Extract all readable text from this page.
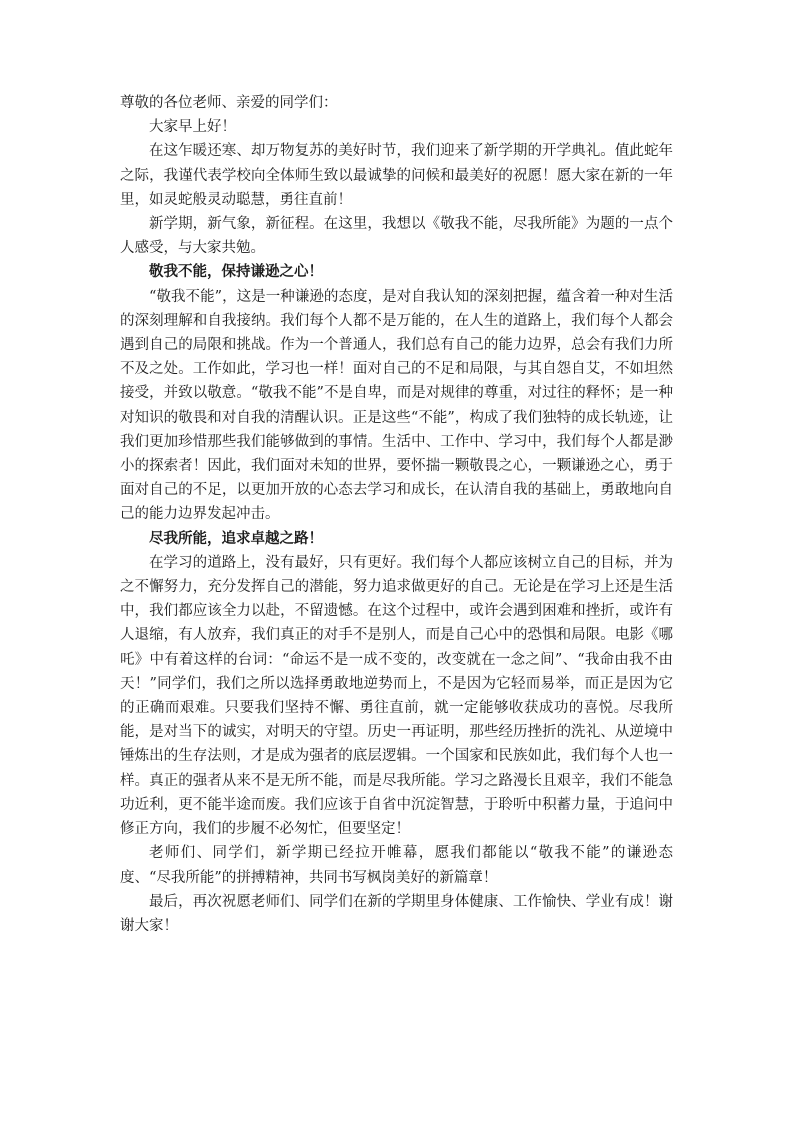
尊敬的各位老师、亲爱的同学们：

大家早上好！

在这乍暖还寒、却万物复苏的美好时节，我们迎来了新学期的开学典礼。值此蛇年之际，我谨代表学校向全体师生致以最诚挚的问候和最美好的祝愿！愿大家在新的一年里，如灵蛇般灵动聪慧，勇往直前！

新学期，新气象，新征程。在这里，我想以《敬我不能，尽我所能》为题的一点个人感受，与大家共勉。

敬我不能，保持谦逊之心！

“敬我不能”，这是一种谦逊的态度，是对自我认知的深刻把握，蕴含着一种对生活的深刻理解和自我接纳。我们每个人都不是万能的，在人生的道路上，我们每个人都会遇到自己的局限和挑战。作为一个普通人，我们总有自己的能力边界，总会有我们力所不及之处。工作如此，学习也一样！面对自己的不足和局限，与其自怨自艾，不如坦然接受，并致以敬意。“敬我不能”不是自卑，而是对规律的尊重，对过往的释怀；是一种对知识的敬畏和对自我的清醒认识。正是这些“不能”，构成了我们独特的成长轨迹，让我们更加珍惜那些我们能够做到的事情。生活中、工作中、学习中，我们每个人都是渺小的探索者！因此，我们面对未知的世界，要怀揣一颗敬畏之心，一颗谦逊之心，勇于面对自己的不足，以更加开放的心态去学习和成长，在认清自我的基础上，勇敢地向自己的能力边界发起冲击。

尽我所能，追求卓越之路！

在学习的道路上，没有最好，只有更好。我们每个人都应该树立自己的目标，并为之不懈努力，充分发挥自己的潜能，努力追求做更好的自己。无论是在学习上还是生活中，我们都应该全力以赴，不留遗憾。在这个过程中，或许会遇到困难和挫折，或许有人退缩，有人放弃，我们真正的对手不是别人，而是自己心中的恐惧和局限。电影《哪吒》中有着这样的台词：“命运不是一成不变的，改变就在一念之间”、“我命由我不由天！”同学们，我们之所以选择勇敢地逆势而上，不是因为它轻而易举，而正是因为它的正确而艰难。只要我们坚持不懈、勇往直前，就一定能够收获成功的喜悦。尽我所能，是对当下的诚实，对明天的守望。历史一再证明，那些经历挫折的洗礼、从逆境中锤炼出的生存法则，才是成为强者的底层逻辑。一个国家和民族如此，我们每个人也一样。真正的强者从来不是无所不能，而是尽我所能。学习之路漫长且艰辛，我们不能急功近利，更不能半途而废。我们应该于自省中沉淀智慧，于聆听中积蓄力量，于追问中修正方向，我们的步履不必匆忙，但要坚定！

老师们、同学们，新学期已经拉开帷幕，愿我们都能以“敬我不能”的谦逊态度、“尽我所能”的拼搏精神，共同书写枫岗美好的新篇章！

最后，再次祝愿老师们、同学们在新的学期里身体健康、工作愉快、学业有成！谢谢大家！
